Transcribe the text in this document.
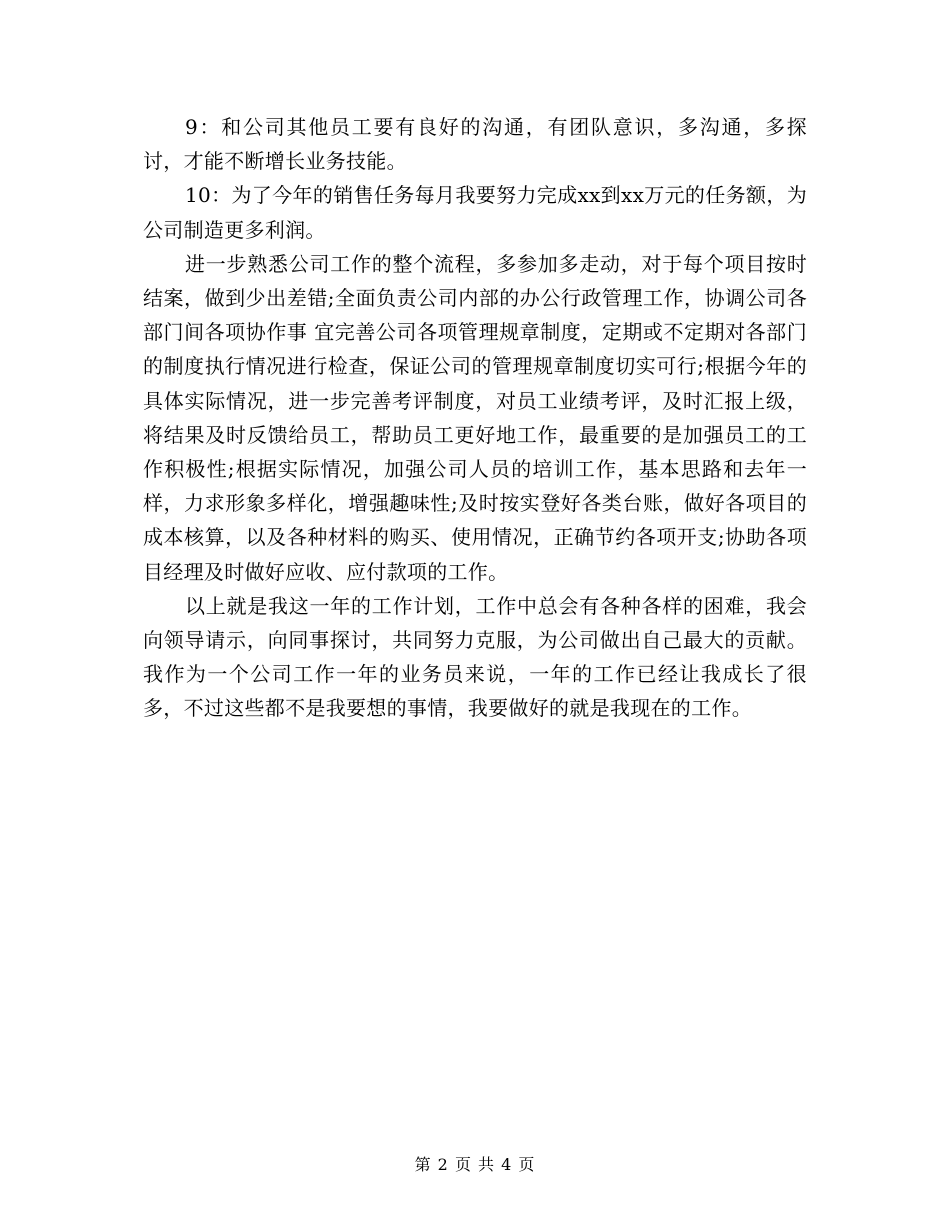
9：和公司其他员工要有良好的沟通，有团队意识，多沟通，多探讨，才能不断增长业务技能。

10：为了今年的销售任务每月我要努力完成xx到xx万元的任务额，为公司制造更多利润。

进一步熟悉公司工作的整个流程，多参加多走动，对于每个项目按时结案，做到少出差错;全面负责公司内部的办公行政管理工作，协调公司各部门间各项协作事 宜完善公司各项管理规章制度，定期或不定期对各部门的制度执行情况进行检查，保证公司的管理规章制度切实可行;根据今年的具体实际情况，进一步完善考评制度，对员工业绩考评，及时汇报上级，将结果及时反馈给员工，帮助员工更好地工作，最重要的是加强员工的工作积极性;根据实际情况，加强公司人员的培训工作，基本思路和去年一样，力求形象多样化，增强趣味性;及时按实登好各类台账，做好各项目的成本核算，以及各种材料的购买、使用情况，正确节约各项开支;协助各项目经理及时做好应收、应付款项的工作。

以上就是我这一年的工作计划，工作中总会有各种各样的困难，我会向领导请示，向同事探讨，共同努力克服，为公司做出自己最大的贡献。 我作为一个公司工作一年的业务员来说，一年的工作已经让我成长了很多，不过这些都不是我要想的事情，我要做好的就是我现在的工作。

第 2 页 共 4 页
